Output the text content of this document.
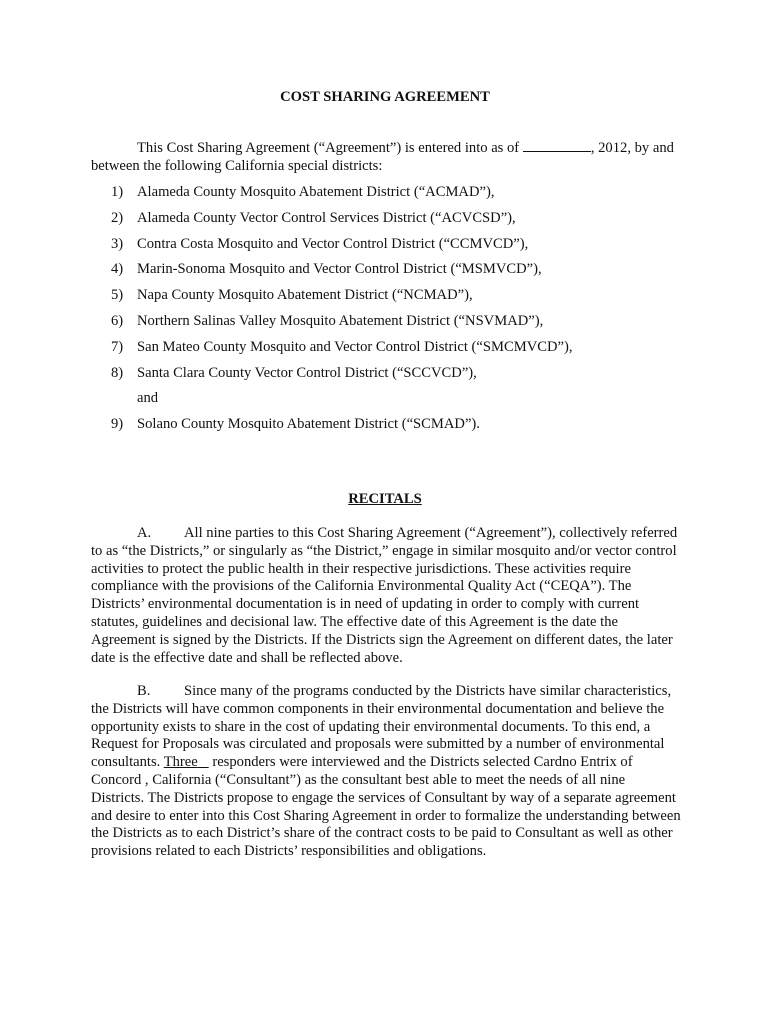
COST SHARING AGREEMENT

This Cost Sharing Agreement (“Agreement”) is entered into as of	, 2012, by and between the following California special districts:

1) Alameda County Mosquito Abatement District (“ACMAD”),
2) Alameda County Vector Control Services District (“ACVCSD”),
3) Contra Costa Mosquito and Vector Control District (“CCMVCD”),
4) Marin-Sonoma Mosquito and Vector Control District (“MSMVCD”),
5) Napa County Mosquito Abatement District (“NCMAD”),
6) Northern Salinas Valley Mosquito Abatement District (“NSVMAD”),
7) San Mateo County Mosquito and Vector Control District (“SMCMVCD”),
8) Santa Clara County Vector Control District (“SCCVCD”),
and
9) Solano County Mosquito Abatement District (“SCMAD”).
RECITALS

A. All nine parties to this Cost Sharing Agreement (“Agreement”), collectively referred to as “the Districts,” or singularly as “the District,” engage in similar mosquito and/or vector control activities to protect the public health in their respective jurisdictions. These activities require compliance with the provisions of the California Environmental Quality Act (“CEQA”). The Districts’ environmental documentation is in need of updating in order to comply with current statutes, guidelines and decisional law. The effective date of this Agreement is the date the Agreement is signed by the Districts. If the Districts sign the Agreement on different dates, the later date is the effective date and shall be reflected above.

B. Since many of the programs conducted by the Districts have similar characteristics, the Districts will have common components in their environmental documentation and believe the opportunity exists to share in the cost of updating their environmental documents. To this end, a Request for Proposals was circulated and proposals were submitted by a number of environmental consultants. Three    responders were interviewed and the Districts selected Cardno Entrix of Concord , California (“Consultant”) as the consultant best able to meet the needs of all nine Districts. The Districts propose to engage the services of Consultant by way of a separate agreement and desire to enter into this Cost Sharing Agreement in order to formalize the understanding between the Districts as to each District’s share of the contract costs to be paid to Consultant as well as other provisions related to each Districts’ responsibilities and obligations.
